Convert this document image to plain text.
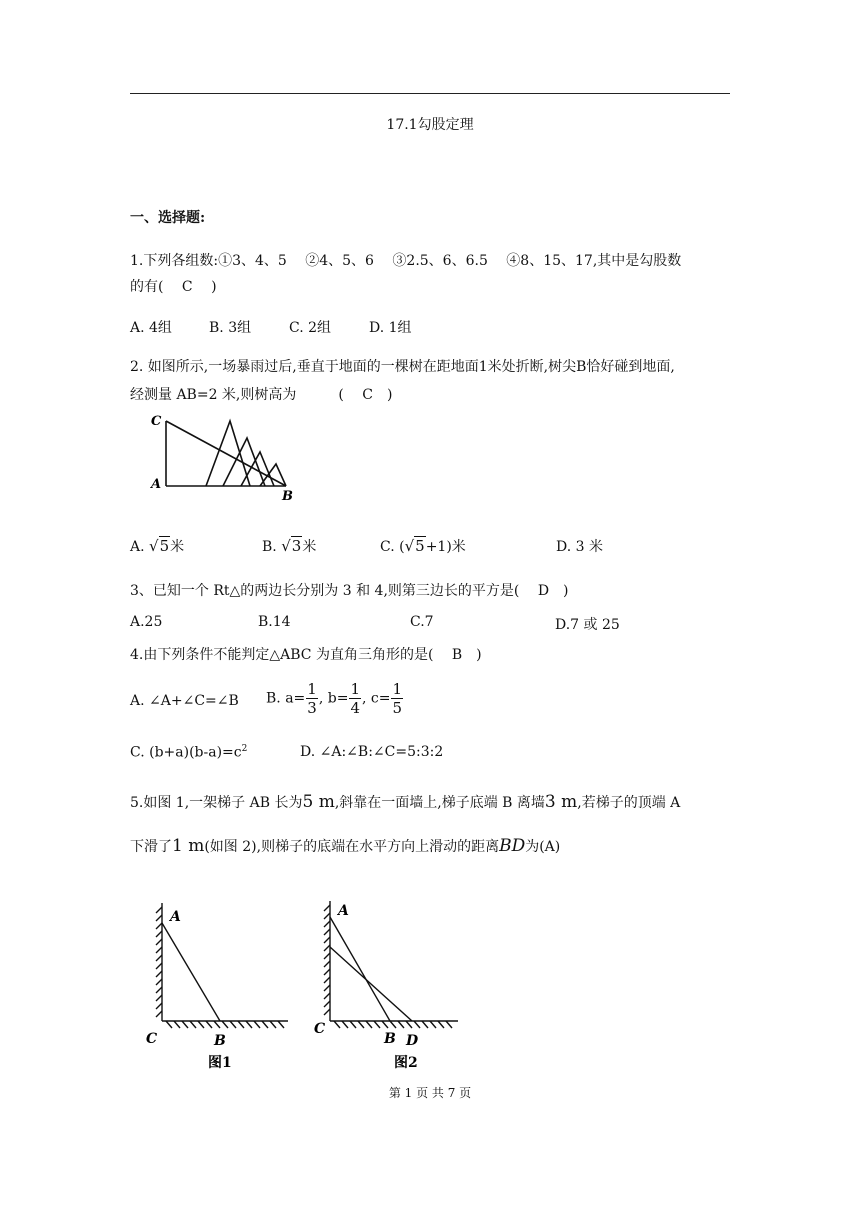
17.1勾股定理
一、选择题:
1.下列各组数:①3、4、5　 ②4、5、6　 ③2.5、6、6.5　 ④8、15、17,其中是勾股数
的有(　 C　 )
A. 4组	B. 3组	C. 2组	D. 1组
2. 如图所示,一场暴雨过后,垂直于地面的一棵树在距地面1米处折断,树尖B恰好碰到地面,
经测量 AB=2 米,则树高为　　　(　 C　)
C
A
B
A. √5米	B. √3米	C. (√5+1)米	D. 3 米
3、已知一个 Rt△的两边长分别为 3 和 4,则第三边长的平方是(　 D　)
A.25	B.14	C.7	D.7 或 25
4.由下列条件不能判定△ABC 为直角三角形的是(　 B　)
A. ∠A+∠C=∠B B. $a= \frac{1}{3}$ , $b= \frac{1}{4}$ , $c= \frac{1}{5}$
C. $(b+a)(b-a)=c^2$	D. ∠A:∠B:∠C=5:3:2
5.如图 1,一架梯子 AB 长为5 m,斜靠在一面墙上,梯子底端 B 离墙3 m,若梯子的顶端 A
下滑了1 m(如图 2),则梯子的底端在水平方向上滑动的距离BD为(A)
A
C	B
图1
A
C
B D
图2
第 1 页 共 7 页
